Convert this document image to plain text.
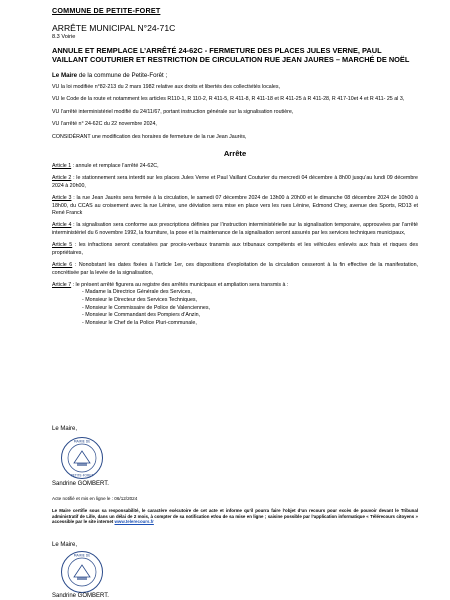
COMMUNE DE PETITE-FORET
ARRÊTE MUNICIPAL N°24-71C
8.3 Voirie
ANNULE ET REMPLACE L’ARRÊTÉ 24-62C - FERMETURE DES PLACES JULES VERNE, PAUL VAILLANT COUTURIER ET RESTRICTION DE CIRCULATION RUE JEAN JAURES – MARCHÉ DE NOËL
Le Maire de la commune de Petite-Forêt ;
VU la loi modifiée n°82-213 du 2 mars 1982 relative aux droits et libertés des collectivités locales,
VU le Code de la route et notamment les articles R110-1, R 110-2, R 411-5, R 411-8, R 411-18 et R 411-25 à R 411-28, R 417-10et 4 et R 411- 25 al 3,
VU l’arrêté interministériel modifié du 24/11/67, portant instruction générale sur la signalisation routière,
VU l’arrêté n° 24-62C du 22 novembre 2024,
CONSIDÉRANT une modification des horaires de fermeture de la rue Jean Jaurès,
Arrête
Article 1 : annule et remplace l’arrêté 24-62C,
Article 2 : le stationnement sera interdit sur les places Jules Verne et Paul Vaillant Couturier du mercredi 04 décembre à 8h00 jusqu’au lundi 09 décembre 2024 à 20h00,
Article 3 : la rue Jean Jaurès sera fermée à la circulation, le samedi 07 décembre 2024 de 13h00 à 20h00 et le dimanche 08 décembre 2024 de 10h00 à 18h00, du CCAS au croisement avec la rue Lénine, une déviation sera mise en place vers les rues Lénine, Edmond Chey, avenue des Sports, RD13 et René Franck
Article 4 : la signalisation sera conforme aux prescriptions définies par l’instruction interministérielle sur la signalisation temporaire, approuvées par l’arrêté interministériel du 6 novembre 1992, la fourniture, la pose et la maintenance de la signalisation seront assurés par les services techniques municipaux,
Article 5 : les infractions seront constatées par procès-verbaux transmis aux tribunaux compétents et les véhicules enlevés aux frais et risques des propriétaires,
Article 6 : Nonobstant les dates fixées à l’article 1er, ces dispositions d’exploitation de la circulation cesseront à la fin effective de la manifestation, concrétisée par la levée de la signalisation,
Article 7 : le présent arrêté figurera au registre des arrêtés municipaux et ampliation sera transmis à :
- Madame la Directrice Générale des Services,
- Monsieur le Directeur des Services Techniques,
- Monsieur le Commissaire de Police de Valenciennes,
- Monsieur le Commandant des Pompiers d’Anzin,
- Monsieur le Chef de la Police Pluri-communale,
Le Maire,
MAIRIE DE
PETITE-FORET
Sandrine GOMBERT.
Acte notifié et mis en ligne le : 06/12/2024
Le Maire certifie sous sa responsabilité, le caractère exécutoire de cet acte et informe qu’il pourra faire l’objet d’un recours pour excès de pouvoir devant le Tribunal administratif de Lille, dans un délai de 2 mois, à compter de sa notification et/ou de sa mise en ligne ; saisine possible par l’application informatique « Télérecours citoyens » accessible par le site internet www.telerecours.fr
Le Maire,
MAIRIE DE
Sandrine GOMBERT.
